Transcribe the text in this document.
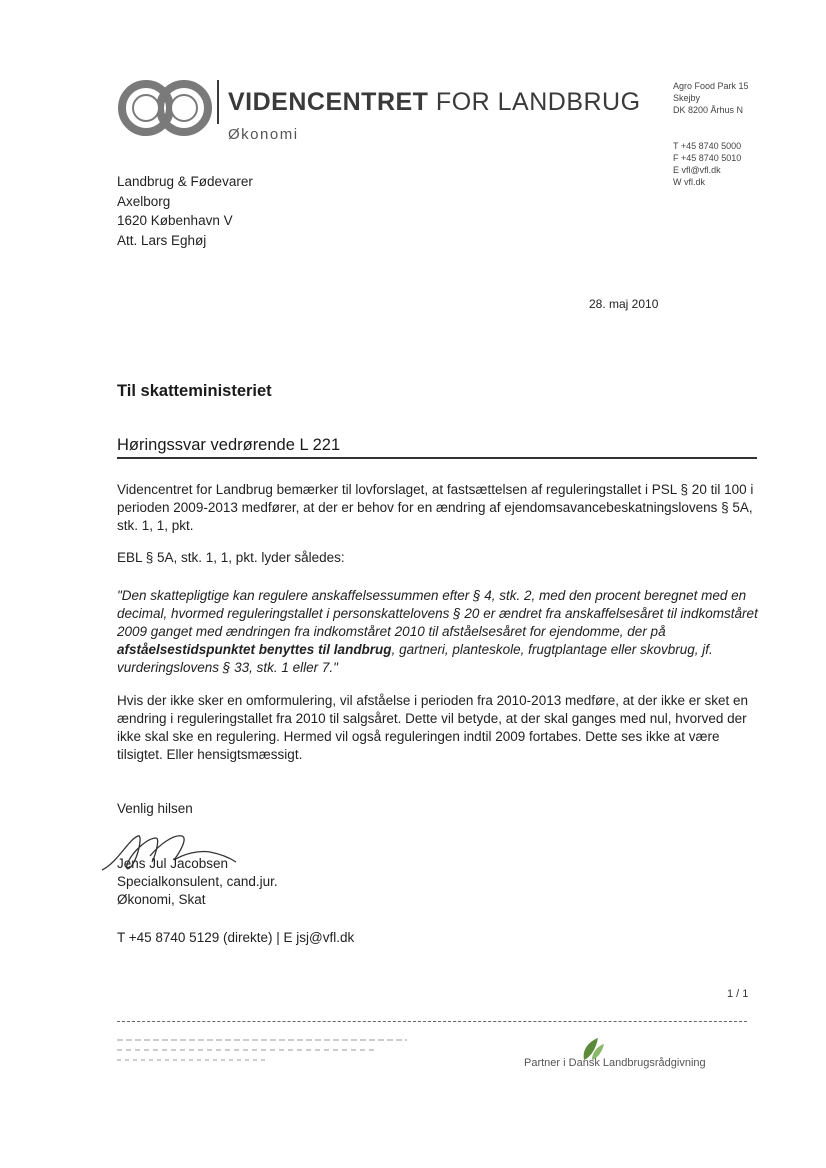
VIDENCENTRET FOR LANDBRUG
Økonomi
Agro Food Park 15
Skejby
DK 8200 Århus N
T +45 8740 5000
F +45 8740 5010
E vfl@vfl.dk
W vfl.dk
Landbrug & Fødevarer
Axelborg
1620 København V
Att. Lars Eghøj
28. maj 2010
Til skatteministeriet
Høringssvar vedrørende L 221
Videncentret for Landbrug bemærker til lovforslaget, at fastsættelsen af reguleringstallet i PSL § 20 til 100 i perioden 2009-2013 medfører, at der er behov for en ændring af ejendomsavancebeskatningslovens § 5A, stk. 1, 1, pkt.
EBL § 5A, stk. 1, 1, pkt. lyder således:
"Den skattepligtige kan regulere anskaffelsessummen efter § 4, stk. 2, med den procent beregnet med en decimal, hvormed reguleringstallet i personskattelovens § 20 er ændret fra anskaffelsesåret til indkomståret 2009 ganget med ændringen fra indkomståret 2010 til afståelsesåret for ejendomme, der på afståelsestidspunktet benyttes til landbrug, gartneri, planteskole, frugtplantage eller skovbrug, jf. vurderingslovens § 33, stk. 1 eller 7."
Hvis der ikke sker en omformulering, vil afståelse i perioden fra 2010-2013 medføre, at der ikke er sket en ændring i reguleringstallet fra 2010 til salgsåret. Dette vil betyde, at der skal ganges med nul, hvorved der ikke skal ske en regulering. Hermed vil også reguleringen indtil 2009 fortabes. Dette ses ikke at være tilsigtet. Eller hensigtsmæssigt.
Venlig hilsen
Jens Jul Jacobsen
Specialkonsulent, cand.jur.
Økonomi, Skat
T +45 8740 5129 (direkte) | E jsj@vfl.dk
1 / 1
Partner i Dansk Landbrugsrådgivning
